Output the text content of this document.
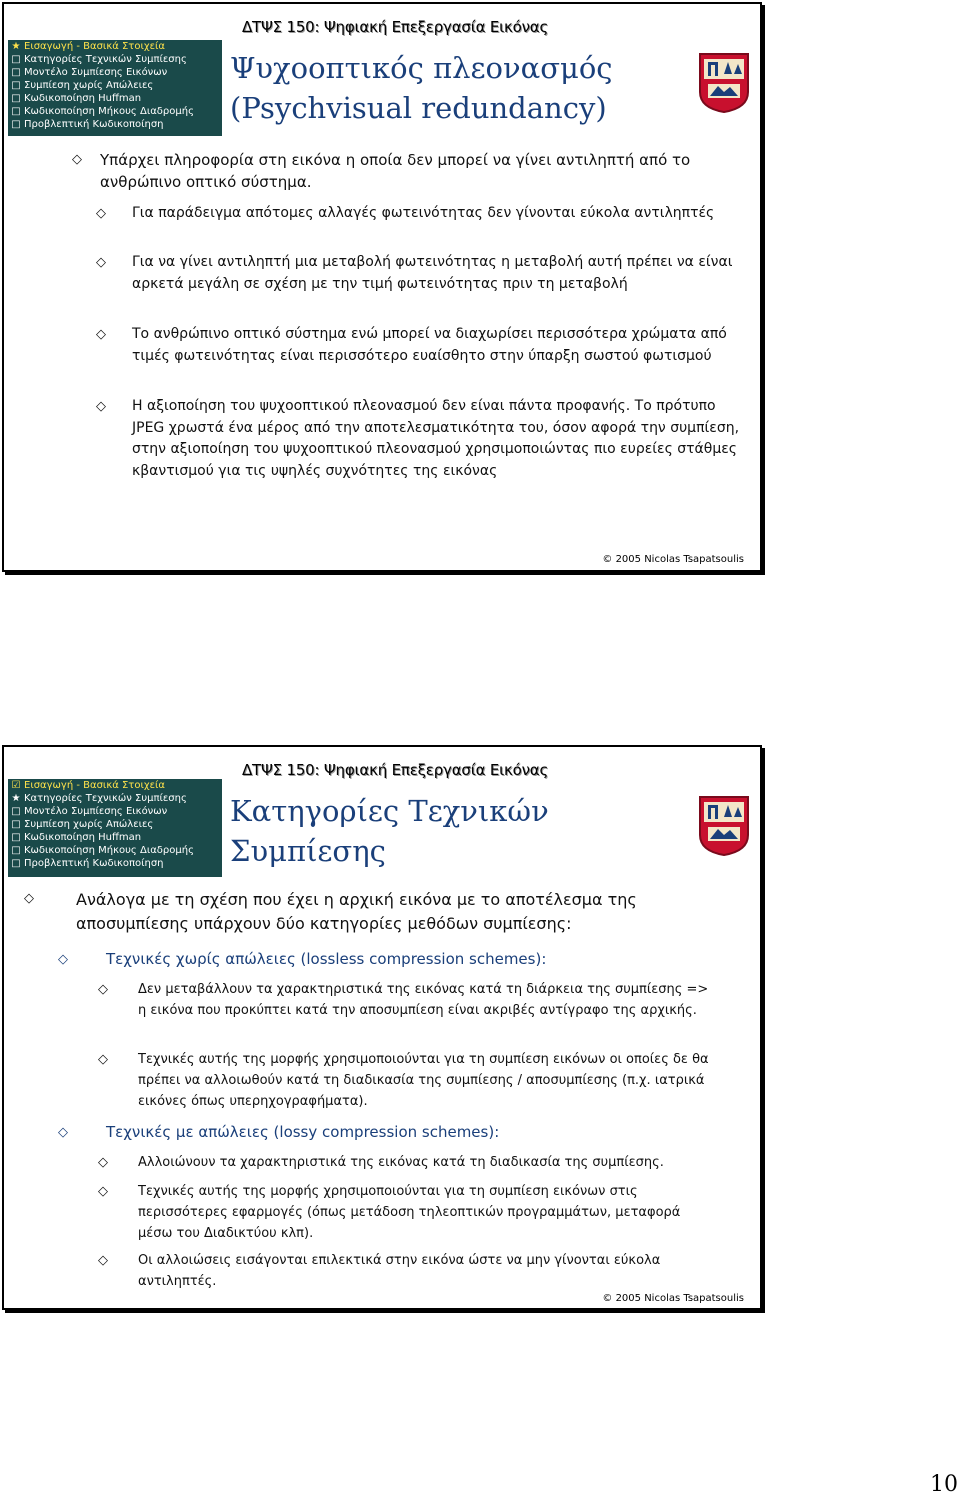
ΔΤΨΣ 150: Ψηφιακή Επεξεργασία Εικόνας
★ Εισαγωγή - Βασικά Στοιχεία
□ Κατηγορίες Τεχνικών Συμπίεσης
□ Μοντέλο Συμπίεσης Εικόνων
□ Συμπίεση χωρίς Απώλειες
□ Κωδικοποίηση Huffman
□ Κωδικοποίηση Μήκους Διαδρομής
□ Προβλεπτική Κωδικοποίηση
Ψυχοοπτικός πλεονασμός
(Psychvisual redundancy)
◇ Υπάρχει πληροφορία στη εικόνα η οποία δεν μπορεί να γίνει αντιληπτή από το ανθρώπινο οπτικό σύστημα.
◇ Για παράδειγμα απότομες αλλαγές φωτεινότητας δεν γίνονται εύκολα αντιληπτές
◇ Για να γίνει αντιληπτή μια μεταβολή φωτεινότητας η μεταβολή αυτή πρέπει να είναι αρκετά μεγάλη σε σχέση με την τιμή φωτεινότητας πριν τη μεταβολή
◇ Το ανθρώπινο οπτικό σύστημα ενώ μπορεί να διαχωρίσει περισσότερα χρώματα από τιμές φωτεινότητας είναι περισσότερο ευαίσθητο στην ύπαρξη σωστού φωτισμού
◇ Η αξιοποίηση του ψυχοοπτικού πλεονασμού δεν είναι πάντα προφανής. Το πρότυπο JPEG χρωστά ένα μέρος από την αποτελεσματικότητα του, όσον αφορά την συμπίεση, στην αξιοποίηση του ψυχοοπτικού πλεονασμού χρησιμοποιώντας πιο ευρείες στάθμες κβαντισμού για τις υψηλές συχνότητες της εικόνας
© 2005 Nicolas Tsapatsoulis
ΔΤΨΣ 150: Ψηφιακή Επεξεργασία Εικόνας
☑ Εισαγωγή - Βασικά Στοιχεία
★ Κατηγορίες Τεχνικών Συμπίεσης
□ Μοντέλο Συμπίεσης Εικόνων
□ Συμπίεση χωρίς Απώλειες
□ Κωδικοποίηση Huffman
□ Κωδικοποίηση Μήκους Διαδρομής
□ Προβλεπτική Κωδικοποίηση
Κατηγορίες Τεχνικών
Συμπίεσης
◇	Ανάλογα με τη σχέση που έχει η αρχική εικόνα με το αποτέλεσμα της αποσυμπίεσης υπάρχουν δύο κατηγορίες μεθόδων συμπίεσης:
◇	Τεχνικές χωρίς απώλειες (lossless compression schemes):
◇ Δεν μεταβάλλουν τα χαρακτηριστικά της εικόνας κατά τη διάρκεια της συμπίεσης => η εικόνα που προκύπτει κατά την αποσυμπίεση είναι ακριβές αντίγραφο της αρχικής.
◇ Τεχνικές αυτής της μορφής χρησιμοποιούνται για τη συμπίεση εικόνων οι οποίες δε θα πρέπει να αλλοιωθούν κατά τη διαδικασία της συμπίεσης / αποσυμπίεσης (π.χ. ιατρικά εικόνες όπως υπερηχογραφήματα).
◇	Τεχνικές με απώλειες (lossy compression schemes):
◇ Αλλοιώνουν τα χαρακτηριστικά της εικόνας κατά τη διαδικασία της συμπίεσης.
◇ Τεχνικές αυτής της μορφής χρησιμοποιούνται για τη συμπίεση εικόνων στις περισσότερες εφαρμογές (όπως μετάδοση τηλεοπτικών προγραμμάτων, μεταφορά μέσω του Διαδικτύου κλπ).
◇ Οι αλλοιώσεις εισάγονται επιλεκτικά στην εικόνα ώστε να μην γίνονται εύκολα αντιληπτές.
© 2005 Nicolas Tsapatsoulis
10
